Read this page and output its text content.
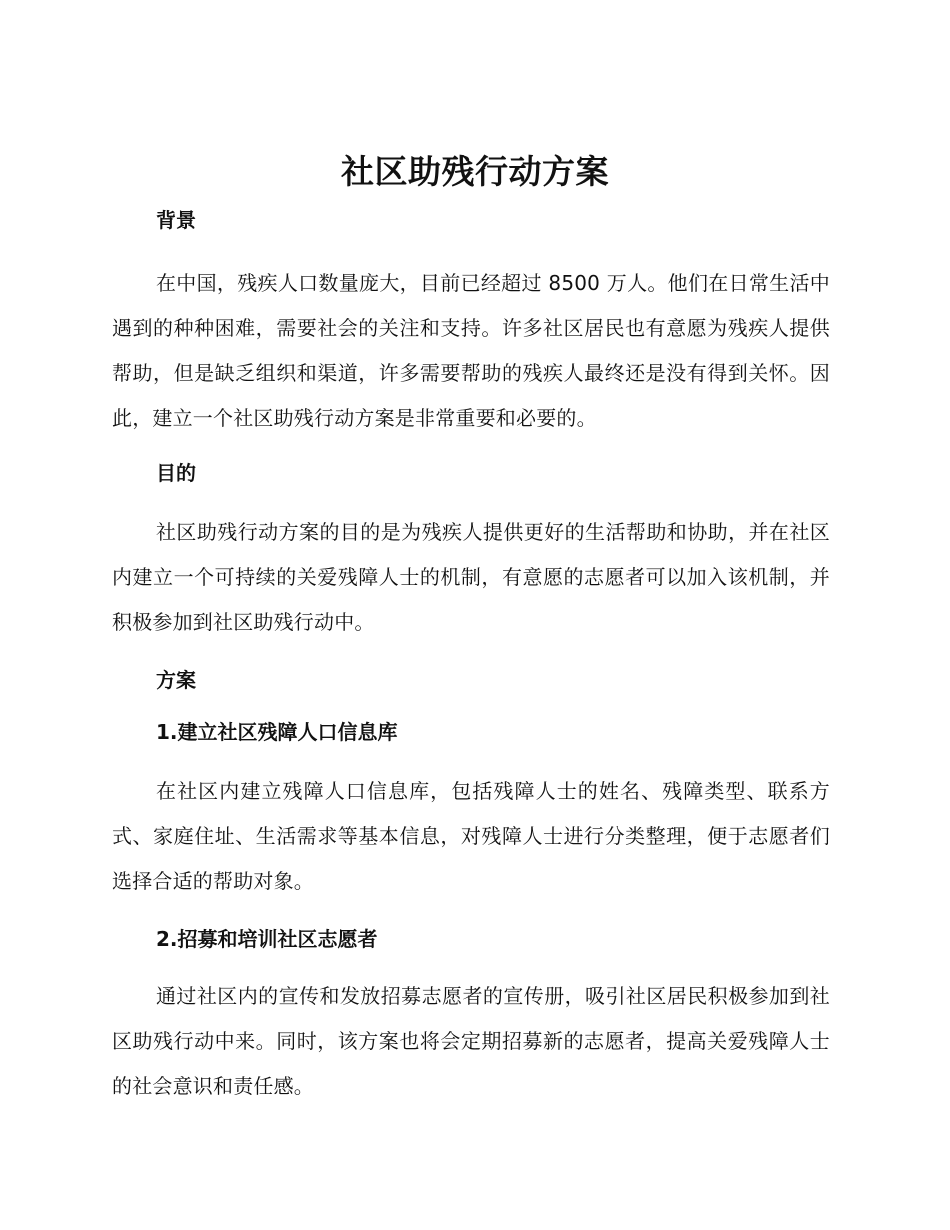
社区助残行动方案
背景

在中国，残疾人口数量庞大，目前已经超过 8500 万人。他们在日常生活中遇到的种种困难，需要社会的关注和支持。许多社区居民也有意愿为残疾人提供帮助，但是缺乏组织和渠道，许多需要帮助的残疾人最终还是没有得到关怀。因此，建立一个社区助残行动方案是非常重要和必要的。

目的

社区助残行动方案的目的是为残疾人提供更好的生活帮助和协助，并在社区内建立一个可持续的关爱残障人士的机制，有意愿的志愿者可以加入该机制，并积极参加到社区助残行动中。

方案
1.建立社区残障人口信息库

在社区内建立残障人口信息库，包括残障人士的姓名、残障类型、联系方式、家庭住址、生活需求等基本信息，对残障人士进行分类整理，便于志愿者们选择合适的帮助对象。

2.招募和培训社区志愿者

通过社区内的宣传和发放招募志愿者的宣传册，吸引社区居民积极参加到社区助残行动中来。同时，该方案也将会定期招募新的志愿者，提高关爱残障人士的社会意识和责任感。
